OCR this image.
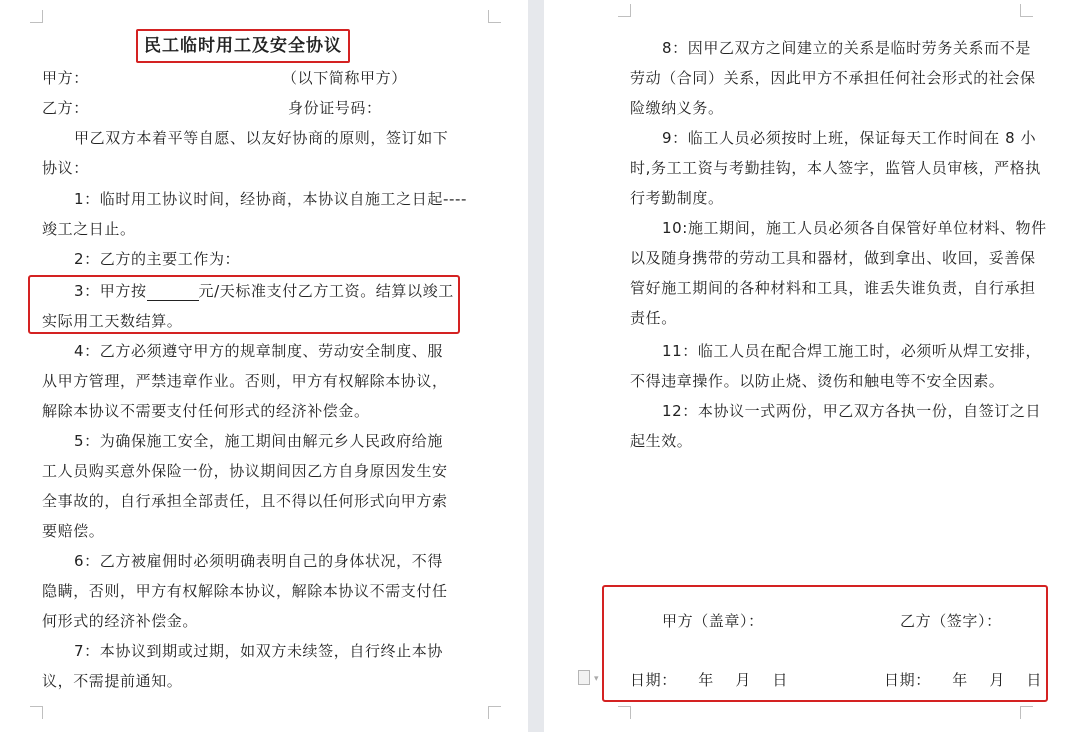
民工临时用工及安全协议
甲方：	（以下简称甲方）
乙方：	身份证号码：
甲乙双方本着平等自愿、以友好协商的原则，签订如下
协议：
1：临时用工协议时间，经协商，本协议自施工之日起----
竣工之日止。
2：乙方的主要工作为：
3：甲方按	元/天标准支付乙方工资。结算以竣工
实际用工天数结算。
4：乙方必须遵守甲方的规章制度、劳动安全制度、服
从甲方管理，严禁违章作业。否则，甲方有权解除本协议，
解除本协议不需要支付任何形式的经济补偿金。
5：为确保施工安全，施工期间由解元乡人民政府给施
工人员购买意外保险一份，协议期间因乙方自身原因发生安
全事故的，自行承担全部责任，且不得以任何形式向甲方索
要赔偿。
6：乙方被雇佣时必须明确表明自己的身体状况，不得
隐瞒，否则，甲方有权解除本协议，解除本协议不需支付任
何形式的经济补偿金。
7：本协议到期或过期，如双方未续签，自行终止本协
议，不需提前通知。
8：因甲乙双方之间建立的关系是临时劳务关系而不是
劳动（合同）关系，因此甲方不承担任何社会形式的社会保
险缴纳义务。
9：临工人员必须按时上班，保证每天工作时间在 8 小
时,务工工资与考勤挂钩，本人签字，监管人员审核，严格执
行考勤制度。
10:施工期间，施工人员必须各自保管好单位材料、物件
以及随身携带的劳动工具和器材，做到拿出、收回，妥善保
管好施工期间的各种材料和工具，谁丢失谁负责，自行承担
责任。
11：临工人员在配合焊工施工时，必须听从焊工安排，
不得违章操作。以防止烧、烫伤和触电等不安全因素。
12：本协议一式两份，甲乙双方各执一份，自签订之日
起生效。
甲方（盖章）：	乙方（签字）：
日期：    年    月    日	日期：    年    月    日
▾
